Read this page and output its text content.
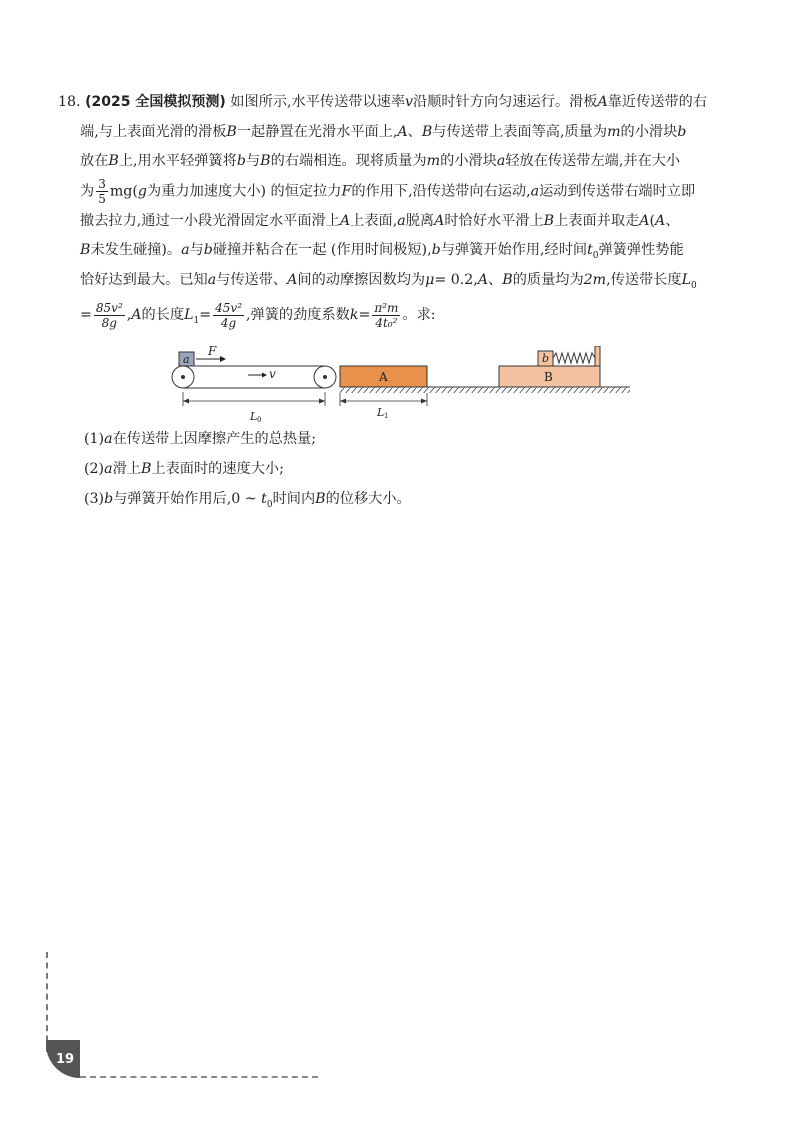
18. (2025 全国模拟预测) 如图所示,水平传送带以速率v沿顺时针方向匀速运行。滑板A靠近传送带的右
端,与上表面光滑的滑板B一起静置在光滑水平面上,A、B与传送带上表面等高,质量为m的小滑块b
放在B上,用水平轻弹簧将b与B的右端相连。现将质量为m的小滑块a轻放在传送带左端,并在大小
为 $\frac{3}{5} mg(g$为重力加速度大小) 的恒定拉力F的作用下,沿传送带向右运动,a运动到传送带右端时立即
撤去拉力,通过一小段光滑固定水平面滑上A上表面,a脱离A时恰好水平滑上B上表面并取走A(A、
B未发生碰撞)。a与b碰撞并粘合在一起 (作用时间极短),b与弹簧开始作用,经时间$t_0$弹簧弹性势能
恰好达到最大。已知a与传送带、A间的动摩擦因数均为μ= 0.2,A、B的质量均为2m,传送带长度$L_0$
= $\frac{\text{85v²}}{8g} ,A$的长度$L_1= \frac{\text{45v²}}{4g}$ ,弹簧的劲度系数$k= \frac{\text{π²m}}{\text{4t₀²}}$ 。求:
a
F
v	A	B
b
L 0
L 1
(1)a在传送带上因摩擦产生的总热量;
(2)a滑上B上表面时的速度大小;
(3)b与弹簧开始作用后,0 ~ $t_0$时间内B的位移大小。
19
